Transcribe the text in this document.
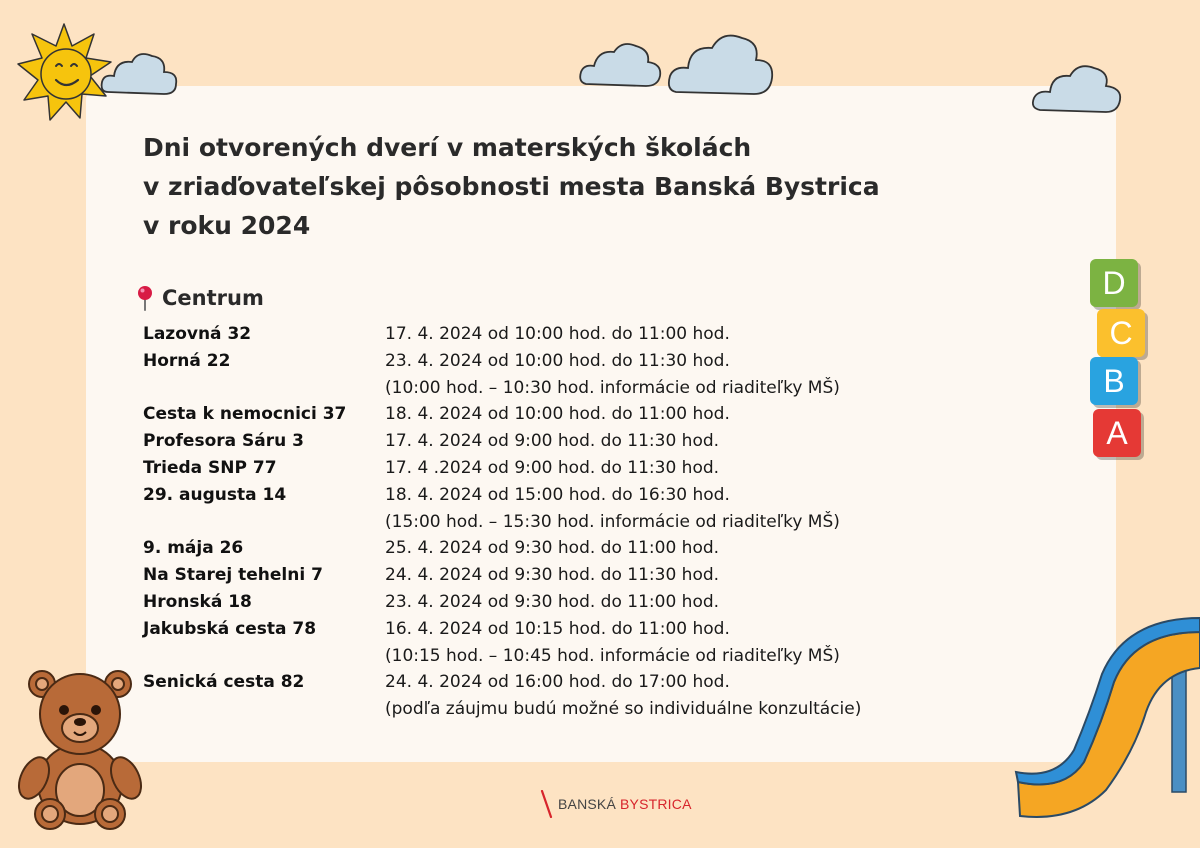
Dni otvorených dverí v materských školách
v zriaďovateľskej pôsobnosti mesta Banská Bystrica
v roku 2024
Centrum
Lazovná 32	17. 4. 2024 od 10:00 hod. do 11:00 hod.
Horná 22	23. 4. 2024 od 10:00 hod. do 11:30 hod.
(10:00 hod. – 10:30 hod. informácie od riaditeľky MŠ)
Cesta k nemocnici 37	18. 4. 2024 od 10:00 hod. do 11:00 hod.
Profesora Sáru 3	17. 4. 2024 od 9:00 hod. do 11:30 hod.
Trieda SNP 77	17. 4 .2024 od 9:00 hod. do 11:30 hod.
29. augusta 14	18. 4. 2024 od 15:00 hod. do 16:30 hod.
(15:00 hod. – 15:30 hod. informácie od riaditeľky MŠ)
9. mája 26	25. 4. 2024 od 9:30 hod. do 11:00 hod.
Na Starej tehelni 7	24. 4. 2024 od 9:30 hod. do 11:30 hod.
Hronská 18	23. 4. 2024 od 9:30 hod. do 11:00 hod.
Jakubská cesta 78	16. 4. 2024 od 10:15 hod. do 11:00 hod.
(10:15 hod. – 10:45 hod. informácie od riaditeľky MŠ)
Senická cesta 82	24. 4. 2024 od 16:00 hod. do 17:00 hod.
(podľa záujmu budú možné so individuálne konzultácie)
D
C
B
A
BANSKÁ BYSTRICA
